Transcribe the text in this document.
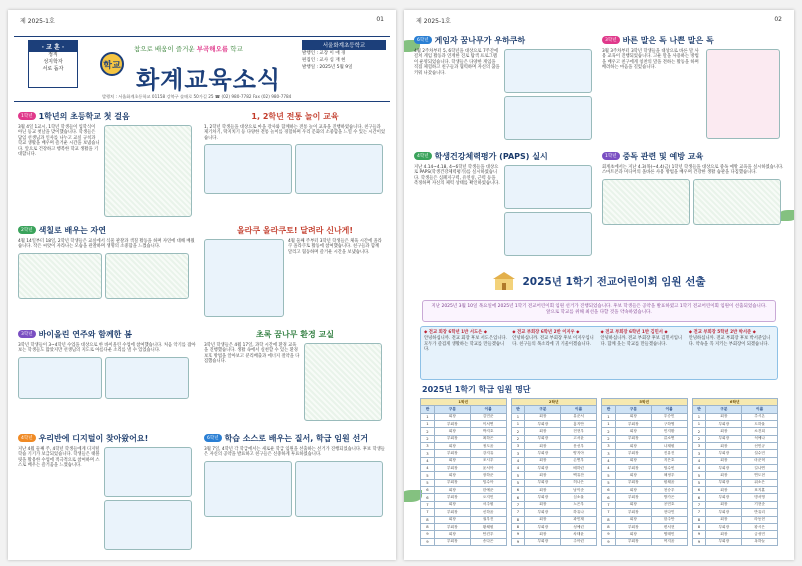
제 2025-1호	01
· 교 훈 ·
정직
성지학자
서로 돕자	학교
참으로 배움이 즐거운 부곡해오름 학교
화계교육소식
서울화계초등학교
발행인 : 교장 이 애 경
편집인 : 교사 심 재 현
발행일 : 2025년 5월 9일
발행처 : 서울화계초등학교 01158 강북구 솔매로 50가길 25 ☎ (02) 980-7782 Fax (02) 980-7784
1학년 1학년의 초등학교 첫 걸음
3월 4일 1교시, 1학년 학생들이 입학식이 아닌 등교 첫날을 맞이했습니다. 학생들은 담임 선생님과 인사를 나누고 교실 규칙과 학교 생활을 배우며 즐거운 시간을 보냈습니다. 앞으로 건강하고 행복한 학교 생활을 기대합니다.
1, 2학년 전통 놀이 교육
1, 2학년 학생들을 대상으로 마을 강사와 함께하는 전통 놀이 교육을 진행하였습니다. 친구들과 제기차기, 딱지치기 등 다양한 전통 놀이를 경험하며 우리 문화의 소중함을 느낄 수 있는 시간이었습니다.
2학년 색칠로 배우는 자연
4월 14일부터 18일, 2학년 학생들은 교실에서 식물 관찰과 색칠 활동을 하며 자연에 대해 배웠습니다. 작은 씨앗이 자라나는 모습을 관찰하며 생명의 소중함을 느꼈습니다.
올라쿠 올라쿠토! 달려라 신나게!
4월 둘째 주부터 3학년 학생들은 체육 시간에 올라쿠 올라쿠토 활동에 참여했습니다. 친구들과 함께 달리고 협동하며 즐거운 시간을 보냈습니다.
3학년 바이올린 연주와 함께한 봄
3학년 학생들이 3~4학년 수업을 대상으로 한 바이올린 수업에 참여했습니다. 처음 악기를 잡아보는 학생들도 많았지만 선생님의 지도로 아름다운 소리를 낼 수 있었습니다.
초록 꿈나무 환경 교실
3학년 학생들은 4월 17일, 과학 시간에 환경 교육을 진행했습니다. 생활 속에서 실천할 수 있는 환경 보호 방법을 알아보고 분리배출과 에너지 절약을 다짐했습니다.
4학년 우리반에 디지털이 찾아왔어요!
지난 4월 둘째 주, 4학년 학생들에게 디지털 학습 기기가 보급되었습니다. 학생들은 태블릿을 활용한 수업에 적극적으로 참여하며 스스로 배우는 즐거움을 느꼈습니다.
6학년 학습 소스로 배우는 질서, 학급 임원 선거
3월 7일, 4학년 각 학급에서는 새로운 학급 임원을 선출하는 선거가 진행되었습니다. 후보 학생들은 자신의 공약을 발표하고 친구들은 신중하게 투표하였습니다.
제 2025-1호	02
6학년 게임자 꿈나무가 우하쿠하
4월 2주차부터 5, 6학년을 대상으로 7주간에 걸쳐 게임 활동과 연계한 진로 탐색 프로그램이 운영되었습니다. 학생들은 다양한 게임을 직접 체험하고 친구들과 협력하며 자신의 꿈을 키워 나갔습니다.
3학년 바른 말은 독 나쁜 말은 독
3월 3주차부터 3학년 학생들을 대상으로 바른 말 사용 교육이 진행되었습니다. 고운 말을 사용하는 방법을 배우고 친구에게 칭찬의 말을 전하는 활동을 하며 배려하는 마음을 길렀습니다.
4학년 학생건강체력평가 (PAPS) 실시
지난 4.14~4.18, 4~6학년 학생들을 대상으로 PAPS(학생건강체력평가)를 실시하였습니다. 학생들은 심폐지구력, 유연성, 근력 등을 측정하며 자신의 체력 상태를 확인하였습니다.
1학년 중독 관련 및 예방 교육
회계초에서는 지난 4.3(목)~4.4(금) 1학년 학생들을 대상으로 중독 예방 교육을 실시하였습니다. 스마트폰과 미디어의 올바른 사용 방법을 배우며 건강한 생활 습관을 다짐했습니다.
2025년 1학기 전교어린이회 임원 선출
지난 2025년 3월 10일 목요일에 2025년 1학기 전교어린이회 임원 선거가 진행되었습니다. 후보 학생들은 공약을 발표하였고 1학기 전교어린이회 임원이 선출되었습니다. 앞으로 학교를 위해 최선을 다할 것을 약속하였습니다.
◆ 전교 회장 6학년 1반 서도은 ◆
안녕하십니까. 전교 회장 후보 서도은입니다. 모두가 즐겁게 생활하는 학교를 만들겠습니다.
◆ 전교 부회장 6학년 2반 이지우 ◆
안녕하십니까. 전교 부회장 후보 이지우입니다. 친구들의 목소리에 귀 기울이겠습니다.
◆ 전교 부회장 6학년 1반 김민서 ◆
안녕하십니까. 전교 부회장 후보 김민서입니다. 함께 웃는 학교를 만들겠습니다.
◆ 전교 부회장 5학년 2반 박서준 ◆
안녕하십니까. 전교 부회장 후보 박서준입니다. 약속을 꼭 지키는 부회장이 되겠습니다.
2025년 1학기 학급 임원 명단
1학년		
반	구분	이름
1	회장	김민준
1	부회장	이서연
2	회장	박지호
2	부회장	최하은
3	회장	정도윤
3	부회장	강지유
4	회장	조시우
4	부회장	윤서아
5	회장	장하준
5	부회장	임수아
6	회장	한예준
6	부회장	오지민
7	회장	서주원
7	부회장	신하윤
8	회장	권우진
8	부회장	황채원
9	회장	안건우
9	부회장	송다은
2학년		
반	구분	이름
1	회장	유준서
1	부회장	홍지안
2	회장	전현우
2	부회장	고서윤
3	회장	문선우
3	부회장	양지아
4	회장	손연우
4	부회장	배하린
5	회장	백유찬
5	부회장	허나은
6	회장	남이준
6	부회장	심소율
7	회장	노은우
7	부회장	하유나
8	회장	곽민재
8	부회장	성예린
9	회장	차태윤
9	부회장	주아린
5학년		
반	구분	이름
1	회장	우승민
1	부회장	구하영
2	회장	민지환
2	부회장	류소연
3	회장	나재원
3	부회장	진유진
4	회장	지은호
4	부회장	엄수빈
5	회장	채정우
5	부회장	원채윤
6	회장	천승우
6	부회장	방가은
7	회장	공민호
7	부회장	현다인
8	회장	함주안
8	부회장	변서현
9	회장	염태민
9	부회장	여지윤
6학년		
반	구분	이름
1	회장	추시온
1	부회장	도하율
2	회장	소건희
2	부회장	석예나
3	회장	선민규
3	부회장	설수민
4	회장	마준혁
4	부회장	길나연
5	회장	연도현
5	부회장	위소은
6	회장	표지훈
6	부회장	명서영
7	회장	기현준
7	부회장	반유리
8	회장	라동현
8	부회장	왕시은
9	회장	금성민
9	부회장	옥하늘
